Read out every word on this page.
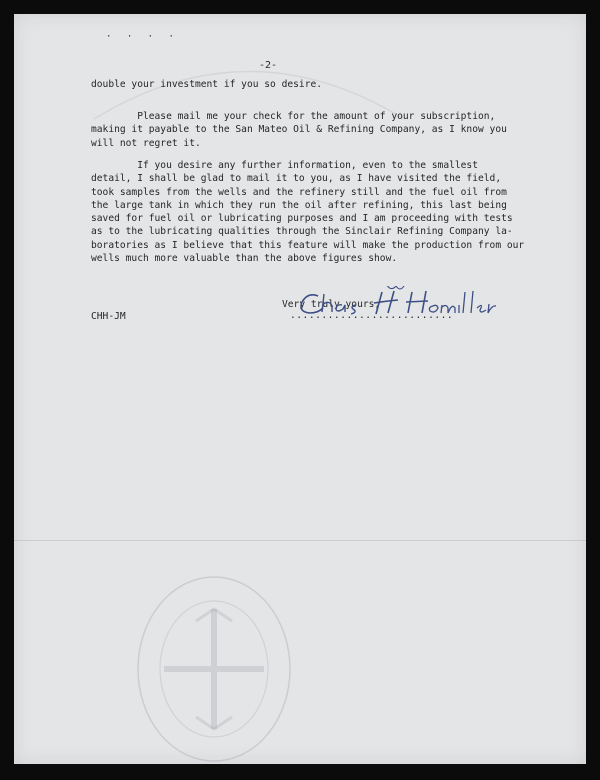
· · · ·
-2-

double your investment if you so desire.

Please mail me your check for the amount of your subscription,
making it payable to the San Mateo Oil & Refining Company, as I know you
will not regret it.

If you desire any further information, even to the smallest
detail, I shall be glad to mail it to you, as I have visited the field,
took samples from the wells and the refinery still and the fuel oil from
the large tank in which they run the oil after refining, this last being
saved for fuel oil or lubricating purposes and I am proceeding with tests
as to the lubricating qualities through the Sinclair Refining Company la-
boratories as I believe that this feature will make the production from our
wells much more valuable than the above figures show.

Very truly yours,
..........................
CHH-JM
